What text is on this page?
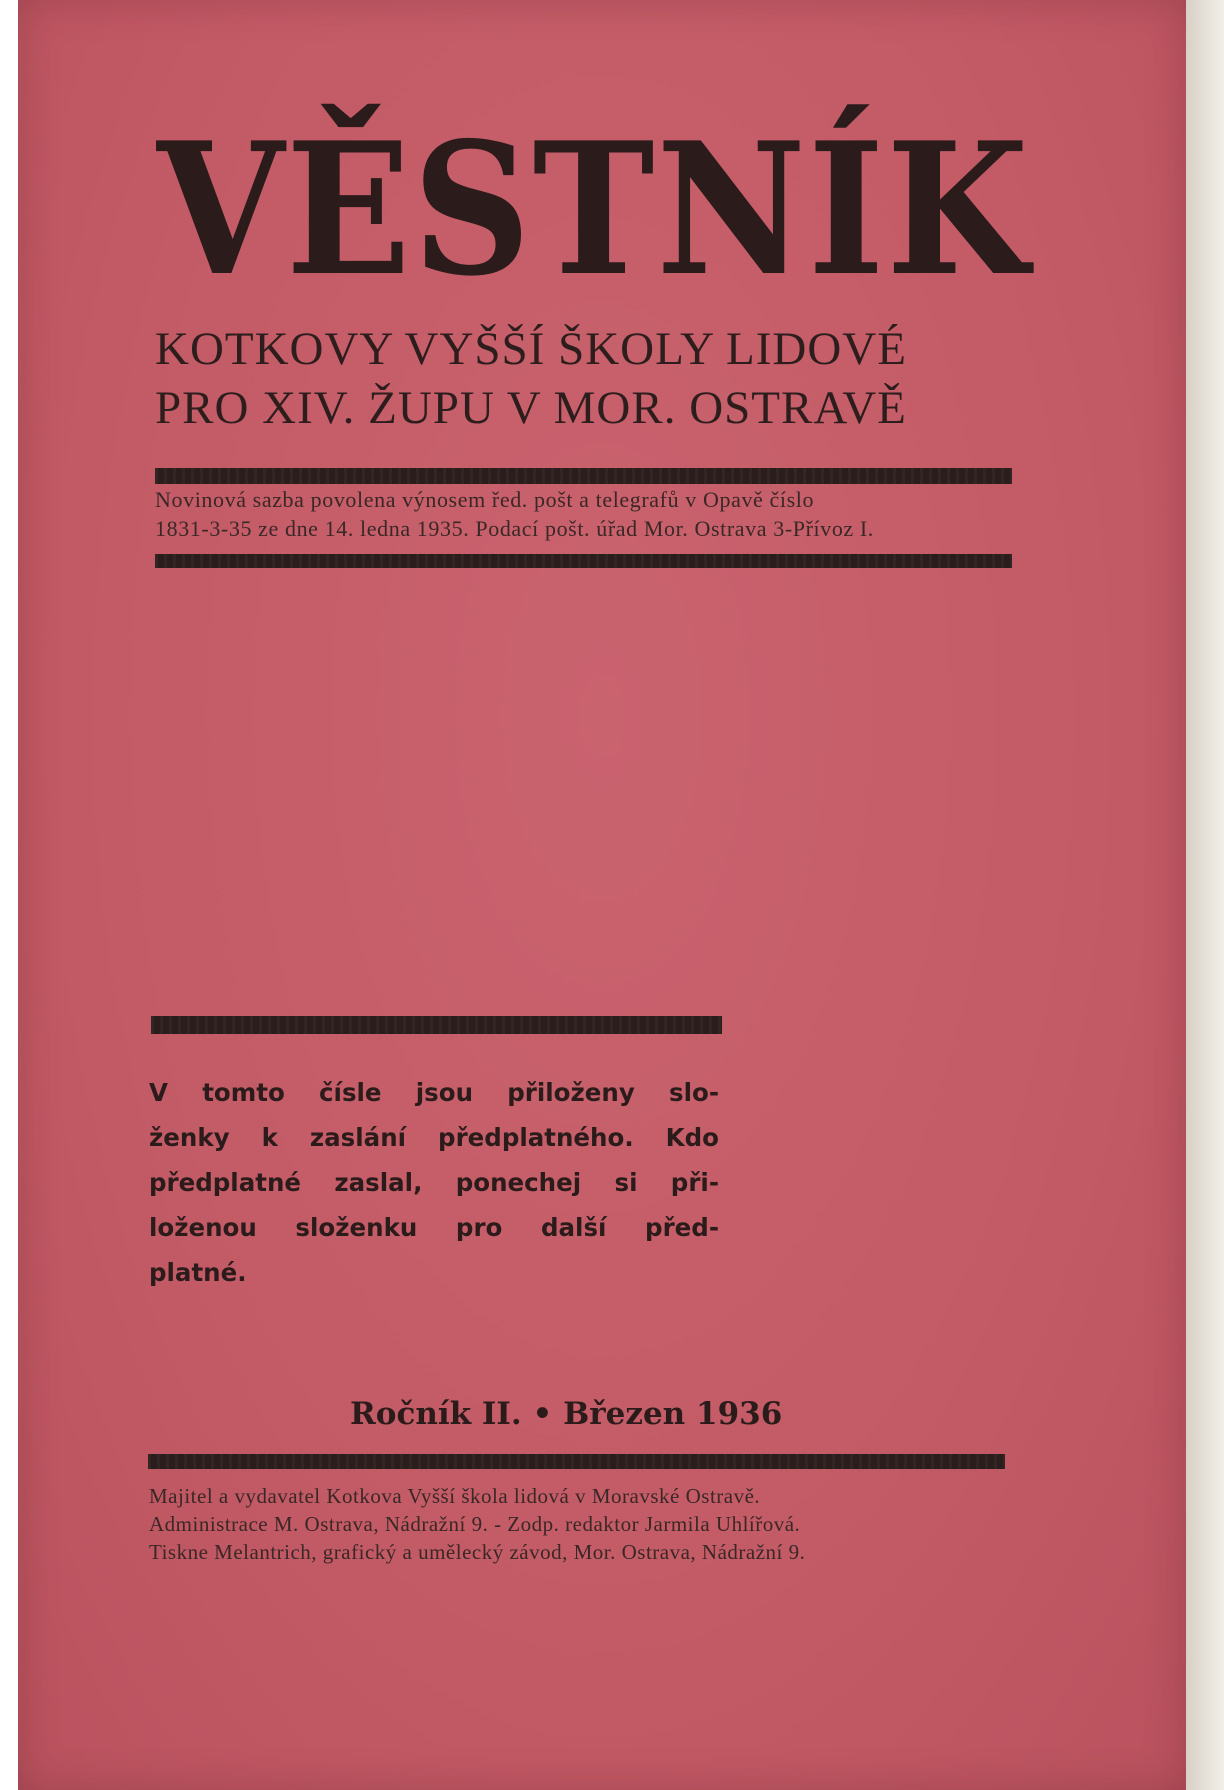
VĚSTNÍK
KOTKOVY VYŠŠÍ ŠKOLY LIDOVÉ
PRO XIV. ŽUPU V MOR. OSTRAVĚ
Novinová sazba povolena výnosem řed. pošt a telegrafů v Opavě číslo
1831-3-35 ze dne 14. ledna 1935. Podací pošt. úřad Mor. Ostrava 3-Přívoz I.
V tomto čísle jsou přiloženy slo-
ženky k zaslání předplatného. Kdo
předplatné zaslal, ponechej si při-
loženou složenku pro další před-
platné.
Ročník II. • Březen 1936
Majitel a vydavatel Kotkova Vyšší škola lidová v Moravské Ostravě.
Administrace M. Ostrava, Nádražní 9. - Zodp. redaktor Jarmila Uhlířová.
Tiskne Melantrich, grafický a umělecký závod, Mor. Ostrava, Nádražní 9.
